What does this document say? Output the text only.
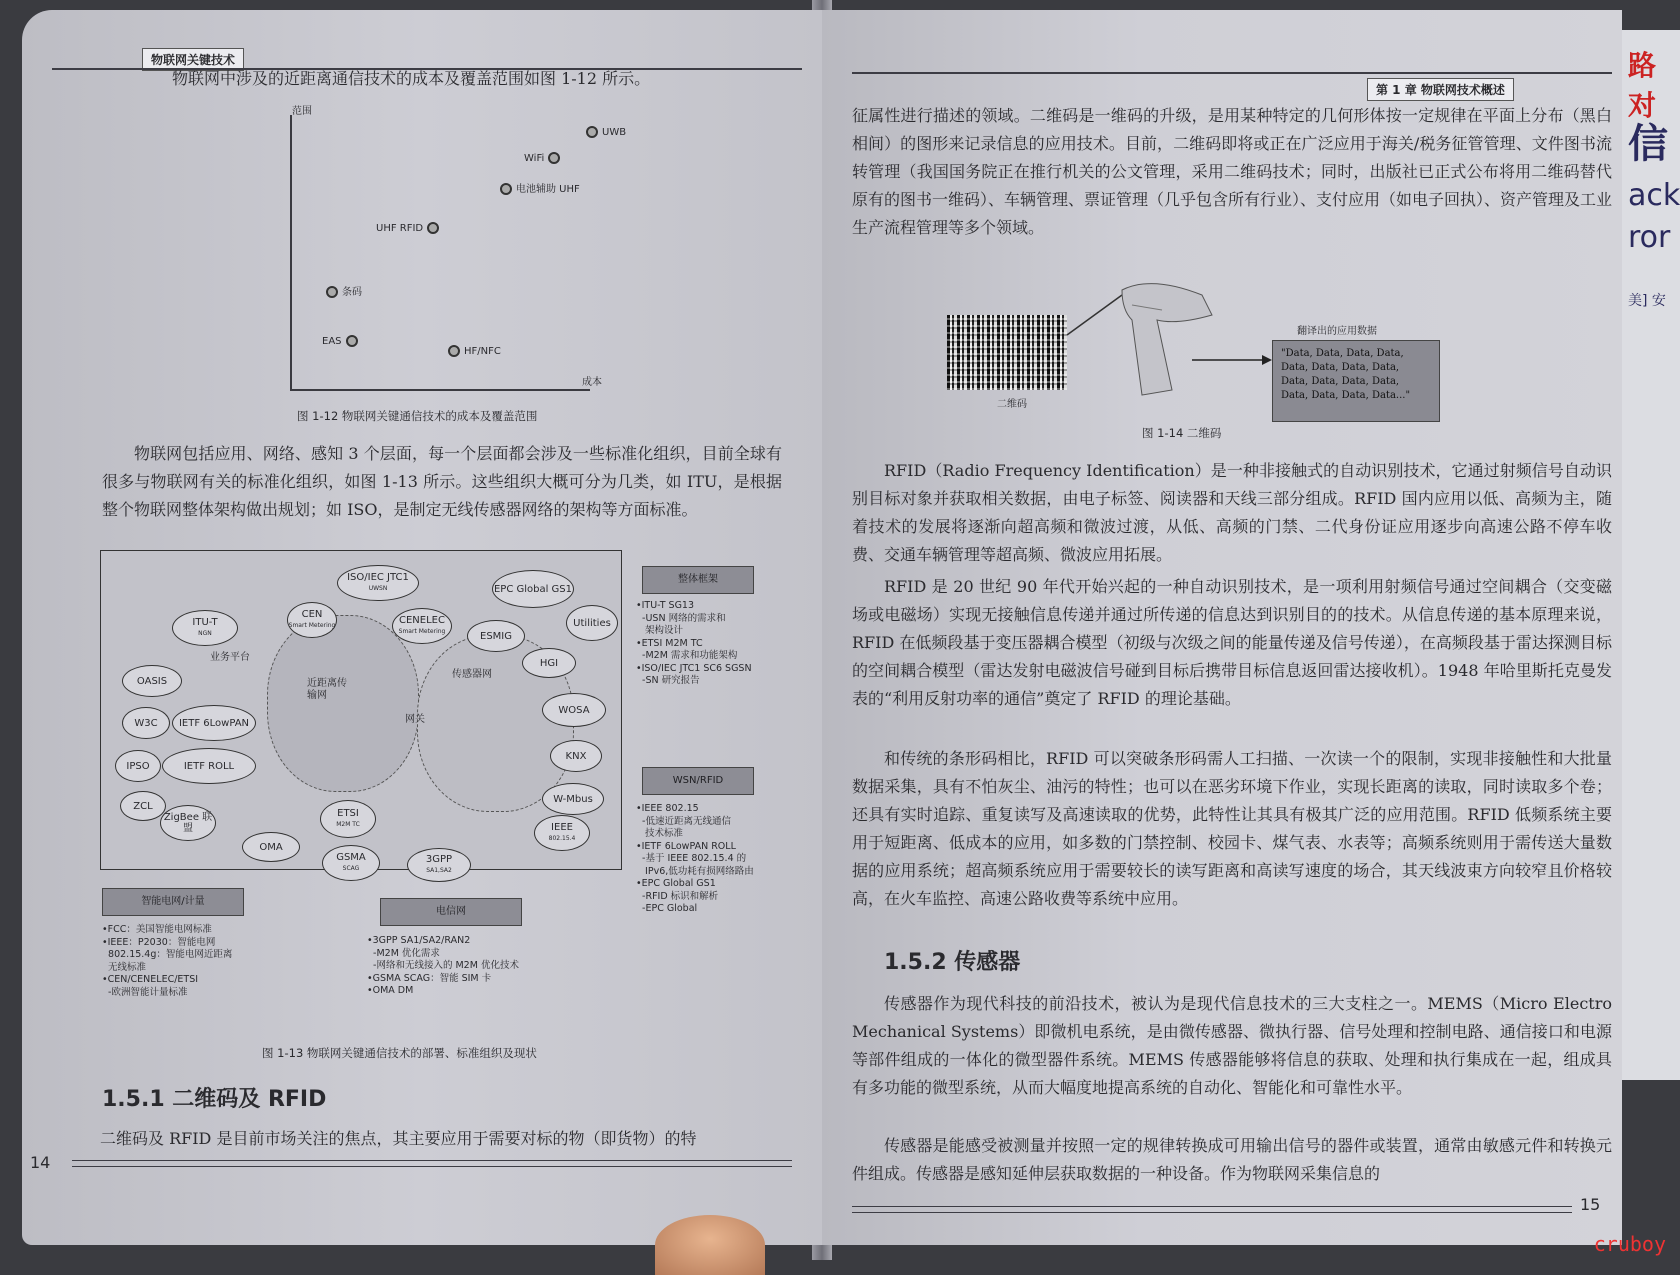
物联网关键技术

物联网中涉及的近距离通信技术的成本及覆盖范围如图 1-12 所示。

范围
成本
UWB
WiFi
电池辅助 UHF
UHF RFID
条码
EAS
HF/NFC
图 1-12 物联网关键通信技术的成本及覆盖范围

物联网包括应用、网络、感知 3 个层面，每一个层面都会涉及一些标准化组织，目前全球有很多与物联网有关的标准化组织，如图 1-13 所示。这些组织大概可分为几类，如 ITU，是根据整个物联网整体架构做出规划；如 ISO，是制定无线传感器网络的架构等方面标准。

ISO/IEC JTC1
UWSN	EPC Global GS1
ITU-T
NGN
CEN
Smart Metering	CENELEC
Smart Metering
Utilities
ESMIG
HGI
OASIS
W3C IETF 6LowPAN
IPSO	IETF ROLL
ZCL
ZigBee 联盟
OMA
ETSI
M2M TC
GSMA
SCAG
3GPP
SA1,SA2
WOSA
KNX
W-Mbus
IEEE
802.15.4
业务平台
近距离传输网
传感器网
网关
整体框架
•ITU-T SG13
-USN 网络的需求和
架构设计
•ETSI M2M TC
-M2M 需求和功能架构
•ISO/IEC JTC1 SC6 SGSN
-SN 研究报告
WSN/RFID
•IEEE 802.15
-低速近距离无线通信
技术标准
•IETF 6LowPAN ROLL
-基于 IEEE 802.15.4 的
IPv6,低功耗有损网络路由
•EPC Global GS1
-RFID 标识和解析
-EPC Global
智能电网/计量
•FCC：美国智能电网标准
•IEEE：P2030：智能电网
802.15.4g：智能电网近距离
无线标准
•CEN/CENELEC/ETSI
-欧洲智能计量标准
电信网
•3GPP SA1/SA2/RAN2
-M2M 优化需求
-网络和无线接入的 M2M 优化技术
•GSMA SCAG：智能 SIM 卡
•OMA DM
图 1-13 物联网关键通信技术的部署、标准组织及现状
1.5.1 二维码及 RFID

二维码及 RFID 是目前市场关注的焦点，其主要应用于需要对标的物（即货物）的特

14
第 1 章 物联网技术概述

征属性进行描述的领域。二维码是一维码的升级，是用某种特定的几何形体按一定规律在平面上分布（黑白相间）的图形来记录信息的应用技术。目前，二维码即将或正在广泛应用于海关/税务征管管理、文件图书流转管理（我国国务院正在推行机关的公文管理，采用二维码技术；同时，出版社已正式公布将用二维码替代原有的图书一维码）、车辆管理、票证管理（几乎包含所有行业）、支付应用（如电子回执）、资产管理及工业生产流程管理等多个领域。

二维码
翻译出的应用数据
"Data, Data, Data, Data,
Data, Data, Data, Data,
Data, Data, Data, Data,
Data, Data, Data, Data..."
图 1-14 二维码

RFID（Radio Frequency Identification）是一种非接触式的自动识别技术，它通过射频信号自动识别目标对象并获取相关数据，由电子标签、阅读器和天线三部分组成。RFID 国内应用以低、高频为主，随着技术的发展将逐渐向超高频和微波过渡，从低、高频的门禁、二代身份证应用逐步向高速公路不停车收费、交通车辆管理等超高频、微波应用拓展。

RFID 是 20 世纪 90 年代开始兴起的一种自动识别技术，是一项利用射频信号通过空间耦合（交变磁场或电磁场）实现无接触信息传递并通过所传递的信息达到识别目的的技术。从信息传递的基本原理来说，RFID 在低频段基于变压器耦合模型（初级与次级之间的能量传递及信号传递），在高频段基于雷达探测目标的空间耦合模型（雷达发射电磁波信号碰到目标后携带目标信息返回雷达接收机）。1948 年哈里斯托克曼发表的“利用反射功率的通信”奠定了 RFID 的理论基础。

和传统的条形码相比，RFID 可以突破条形码需人工扫描、一次读一个的限制，实现非接触性和大批量数据采集，具有不怕灰尘、油污的特性；也可以在恶劣环境下作业，实现长距离的读取，同时读取多个卷；还具有实时追踪、重复读写及高速读取的优势，此特性让其具有极其广泛的应用范围。RFID 低频系统主要用于短距离、低成本的应用，如多数的门禁控制、校园卡、煤气表、水表等；高频系统则用于需传送大量数据的应用系统；超高频系统应用于需要较长的读写距离和高读写速度的场合，其天线波束方向较窄且价格较高，在火车监控、高速公路收费等系统中应用。

1.5.2 传感器

传感器作为现代科技的前沿技术，被认为是现代信息技术的三大支柱之一。MEMS（Micro Electro Mechanical Systems）即微机电系统，是由微传感器、微执行器、信号处理和控制电路、通信接口和电源等部件组成的一体化的微型器件系统。MEMS 传感器能够将信息的获取、处理和执行集成在一起，组成具有多功能的微型系统，从而大幅度地提高系统的自动化、智能化和可靠性水平。

传感器是能感受被测量并按照一定的规律转换成可用输出信号的器件或装置，通常由敏感元件和转换元件组成。传感器是感知延伸层获取数据的一种设备。作为物联网采集信息的

15
路对
信
ack
ror
美] 安
cruboy
